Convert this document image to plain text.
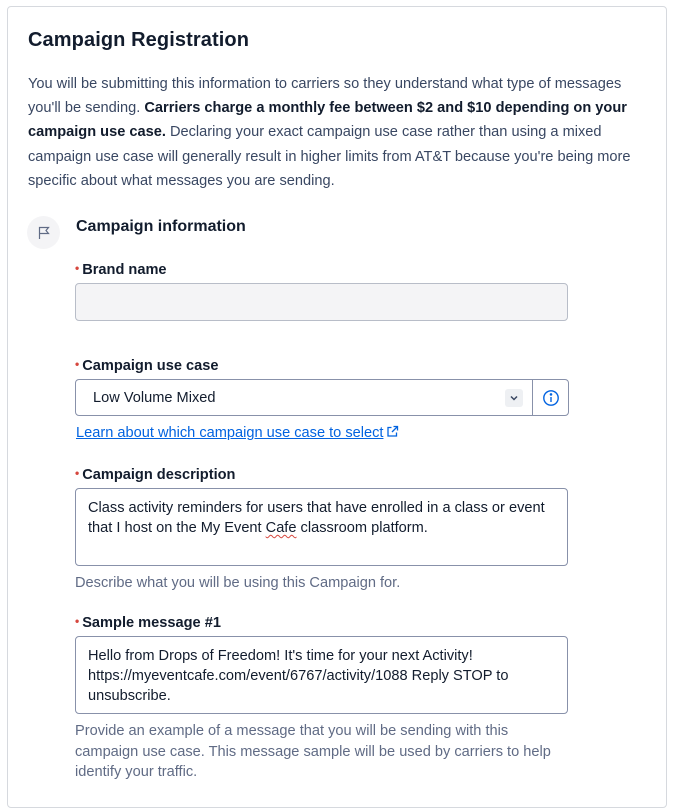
Campaign Registration
You will be submitting this information to carriers so they understand what type of messages you'll be sending. Carriers charge a monthly fee between $2 and $10 depending on your campaign use case. Declaring your exact campaign use case rather than using a mixed campaign use case will generally result in higher limits from AT&T because you're being more specific about what messages you are sending.
Campaign information
• Brand name
• Campaign use case
Low Volume Mixed
Learn about which campaign use case to select
• Campaign description
Class activity reminders for users that have enrolled in a class or event that I host on the My Event Cafe classroom platform.
Describe what you will be using this Campaign for.
• Sample message #1
Hello from Drops of Freedom! It's time for your next Activity! https://myeventcafe.com/event/6767/activity/1088 Reply STOP to unsubscribe.
Provide an example of a message that you will be sending with this campaign use case. This message sample will be used by carriers to help identify your traffic.
